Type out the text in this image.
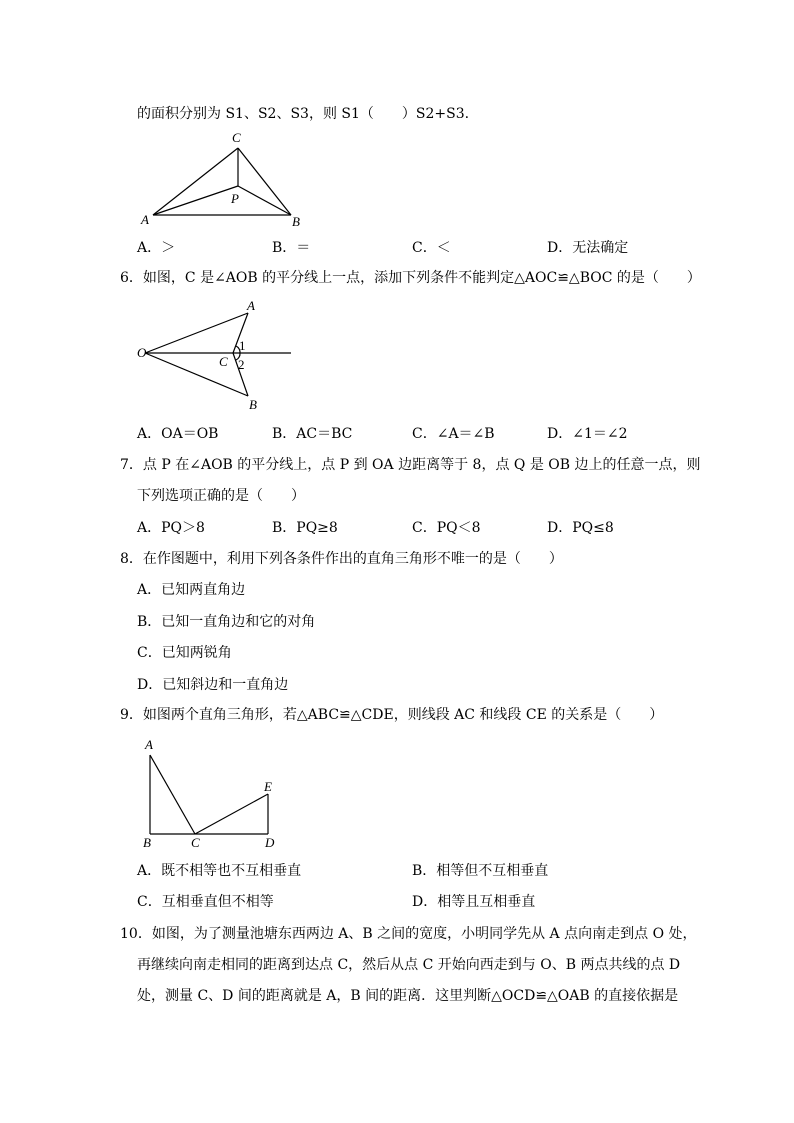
的面积分别为 S1、S2、S3，则 S1（　　）S2+S3.
C
P
A	B
A．＞	B．＝	C．＜	D．无法确定
6．如图，C 是∠AOB 的平分线上一点，添加下列条件不能判定△AOC≌△BOC 的是（　　）
A
O
C
B
1
2
A．OA＝OB	B．AC＝BC	C．∠A＝∠B	D．∠1＝∠2
7．点 P 在∠AOB 的平分线上，点 P 到 OA 边距离等于 8，点 Q 是 OB 边上的任意一点，则
下列选项正确的是（　　）
A．PQ＞8	B．PQ≥8	C．PQ＜8	D．PQ≤8
8．在作图题中，利用下列各条件作出的直角三角形不唯一的是（　　）
A．已知两直角边
B．已知一直角边和它的对角
C．已知两锐角
D．已知斜边和一直角边
9．如图两个直角三角形，若△ABC≌△CDE，则线段 AC 和线段 CE 的关系是（　　）
A
E
B	C	D
A．既不相等也不互相垂直	B．相等但不互相垂直
C．互相垂直但不相等	D．相等且互相垂直
10．如图，为了测量池塘东西两边 A、B 之间的宽度，小明同学先从 A 点向南走到点 O 处，
再继续向南走相同的距离到达点 C，然后从点 C 开始向西走到与 O、B 两点共线的点 D
处，测量 C、D 间的距离就是 A，B 间的距离．这里判断△OCD≌△OAB 的直接依据是
